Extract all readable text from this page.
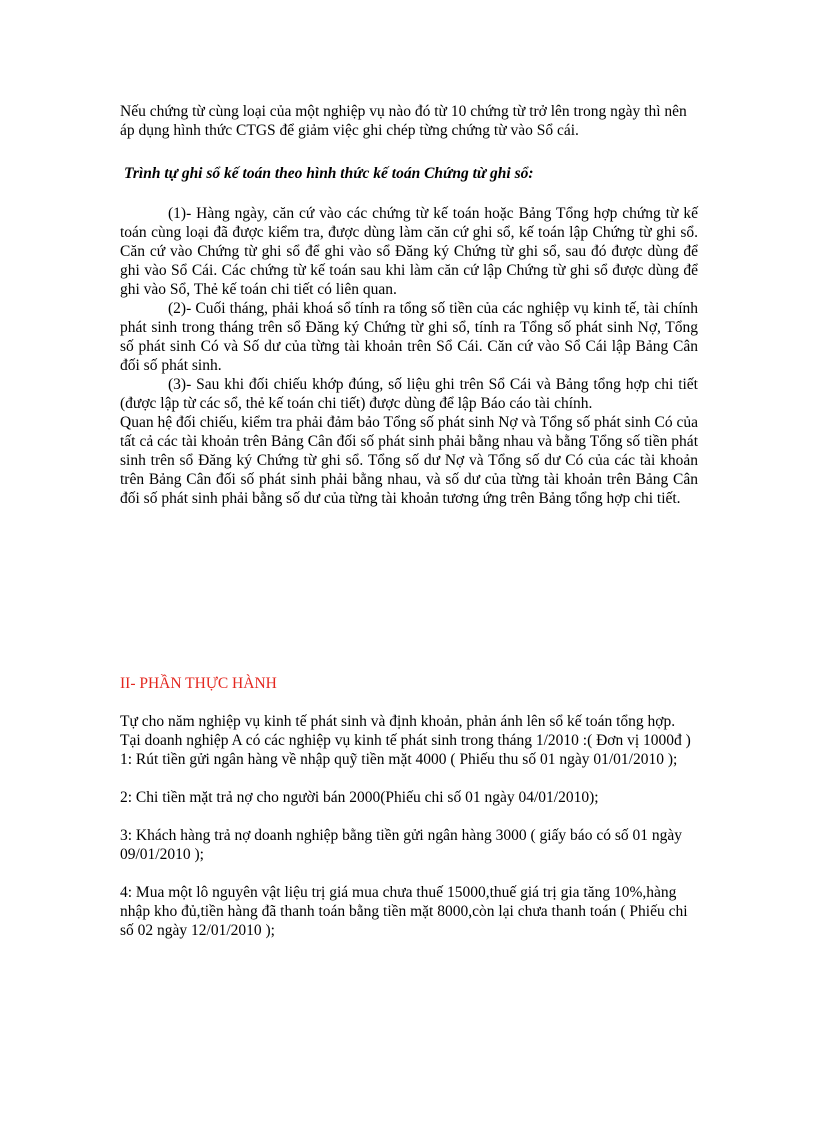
Nếu chứng từ cùng loại của một nghiệp vụ nào đó từ 10 chứng từ trở lên trong ngày thì nên áp dụng hình thức CTGS để giảm việc ghi chép từng chứng từ vào Sổ cái.

Trình tự ghi sổ kế toán theo hình thức kế toán Chứng từ ghi sổ:

(1)- Hàng ngày, căn cứ vào các chứng từ kế toán hoặc Bảng Tổng hợp chứng từ kế toán cùng loại đã được kiểm tra, được dùng làm căn cứ ghi sổ, kế toán lập Chứng từ ghi sổ. Căn cứ vào Chứng từ ghi sổ để ghi vào sổ Đăng ký Chứng từ ghi sổ, sau đó được dùng để ghi vào Sổ Cái. Các chứng từ kế toán sau khi làm căn cứ lập Chứng từ ghi sổ được dùng để ghi vào Sổ, Thẻ kế toán chi tiết có liên quan.

(2)- Cuối tháng, phải khoá sổ tính ra tổng số tiền của các nghiệp vụ kinh tế, tài chính phát sinh trong tháng trên sổ Đăng ký Chứng từ ghi sổ, tính ra Tổng số phát sinh Nợ, Tổng số phát sinh Có và Số dư của từng tài khoản trên Sổ Cái. Căn cứ vào Sổ Cái lập Bảng Cân đối số phát sinh.

(3)- Sau khi đối chiếu khớp đúng, số liệu ghi trên Sổ Cái và Bảng tổng hợp chi tiết (được lập từ các sổ, thẻ kế toán chi tiết) được dùng để lập Báo cáo tài chính.

Quan hệ đối chiếu, kiểm tra phải đảm bảo Tổng số phát sinh Nợ và Tổng số phát sinh Có của tất cả các tài khoản trên Bảng Cân đối số phát sinh phải bằng nhau và bằng Tổng số tiền phát sinh trên sổ Đăng ký Chứng từ ghi sổ. Tổng số dư Nợ và Tổng số dư Có của các tài khoản trên Bảng Cân đối số phát sinh phải bằng nhau, và số dư của từng tài khoản trên Bảng Cân đối số phát sinh phải bằng số dư của từng tài khoản tương ứng trên Bảng tổng hợp chi tiết.

II- PHẦN THỰC HÀNH

Tự cho năm nghiệp vụ kinh tế phát sinh và định khoản, phản ánh lên sổ kế toán tổng hợp.

Tại doanh nghiệp A có các nghiệp vụ kinh tế phát sinh trong tháng 1/2010 :( Đơn vị 1000đ )

1: Rút tiền gửi ngân hàng về nhập quỹ tiền mặt 4000 ( Phiếu thu số 01 ngày 01/01/2010 );

2: Chi tiền mặt trả nợ cho người bán 2000(Phiếu chi số 01 ngày 04/01/2010);

3: Khách hàng trả nợ doanh nghiệp bằng tiền gửi ngân hàng 3000 ( giấy báo có số 01 ngày 09/01/2010 );

4: Mua một lô nguyên vật liệu trị giá mua chưa thuế 15000,thuế giá trị gia tăng 10%,hàng nhập kho đủ,tiền hàng đã thanh toán bằng tiền mặt 8000,còn lại chưa thanh toán ( Phiếu chi số 02 ngày 12/01/2010 );
